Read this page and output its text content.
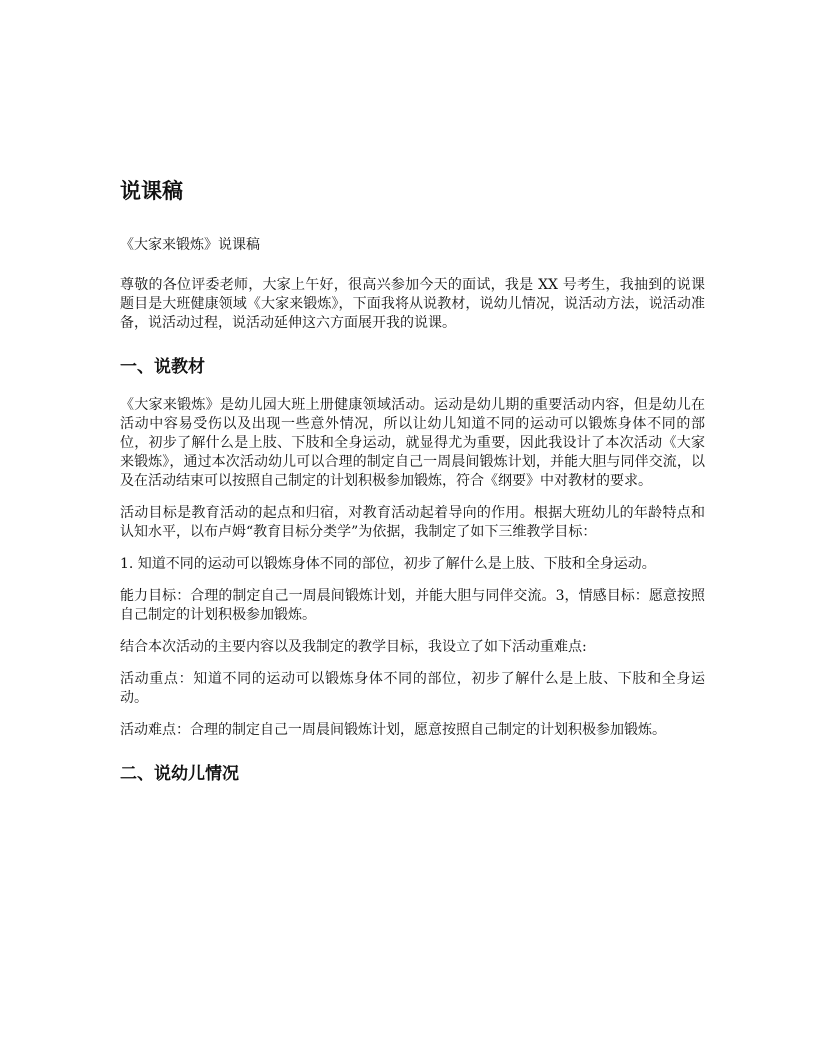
说课稿

《大家来锻炼》说课稿

尊敬的各位评委老师，大家上午好，很高兴参加今天的面试，我是 XX 号考生，我抽到的说课题目是大班健康领域《大家来锻炼》，下面我将从说教材，说幼儿情况，说活动方法，说活动准备，说活动过程，说活动延伸这六方面展开我的说课。

一、说教材

《大家来锻炼》是幼儿园大班上册健康领域活动。运动是幼儿期的重要活动内容，但是幼儿在活动中容易受伤以及出现一些意外情况，所以让幼儿知道不同的运动可以锻炼身体不同的部位，初步了解什么是上肢、下肢和全身运动，就显得尤为重要，因此我设计了本次活动《大家来锻炼》，通过本次活动幼儿可以合理的制定自己一周晨间锻炼计划，并能大胆与同伴交流，以及在活动结束可以按照自己制定的计划积极参加锻炼，符合《纲要》中对教材的要求。

活动目标是教育活动的起点和归宿，对教育活动起着导向的作用。根据大班幼儿的年龄特点和认知水平，以布卢姆“教育目标分类学”为依据，我制定了如下三维教学目标：

1. 知道不同的运动可以锻炼身体不同的部位，初步了解什么是上肢、下肢和全身运动。

能力目标：合理的制定自己一周晨间锻炼计划，并能大胆与同伴交流。3，情感目标：愿意按照自己制定的计划积极参加锻炼。

结合本次活动的主要内容以及我制定的教学目标，我设立了如下活动重难点:

活动重点：知道不同的运动可以锻炼身体不同的部位，初步了解什么是上肢、下肢和全身运动。

活动难点：合理的制定自己一周晨间锻炼计划，愿意按照自己制定的计划积极参加锻炼。

二、说幼儿情况
